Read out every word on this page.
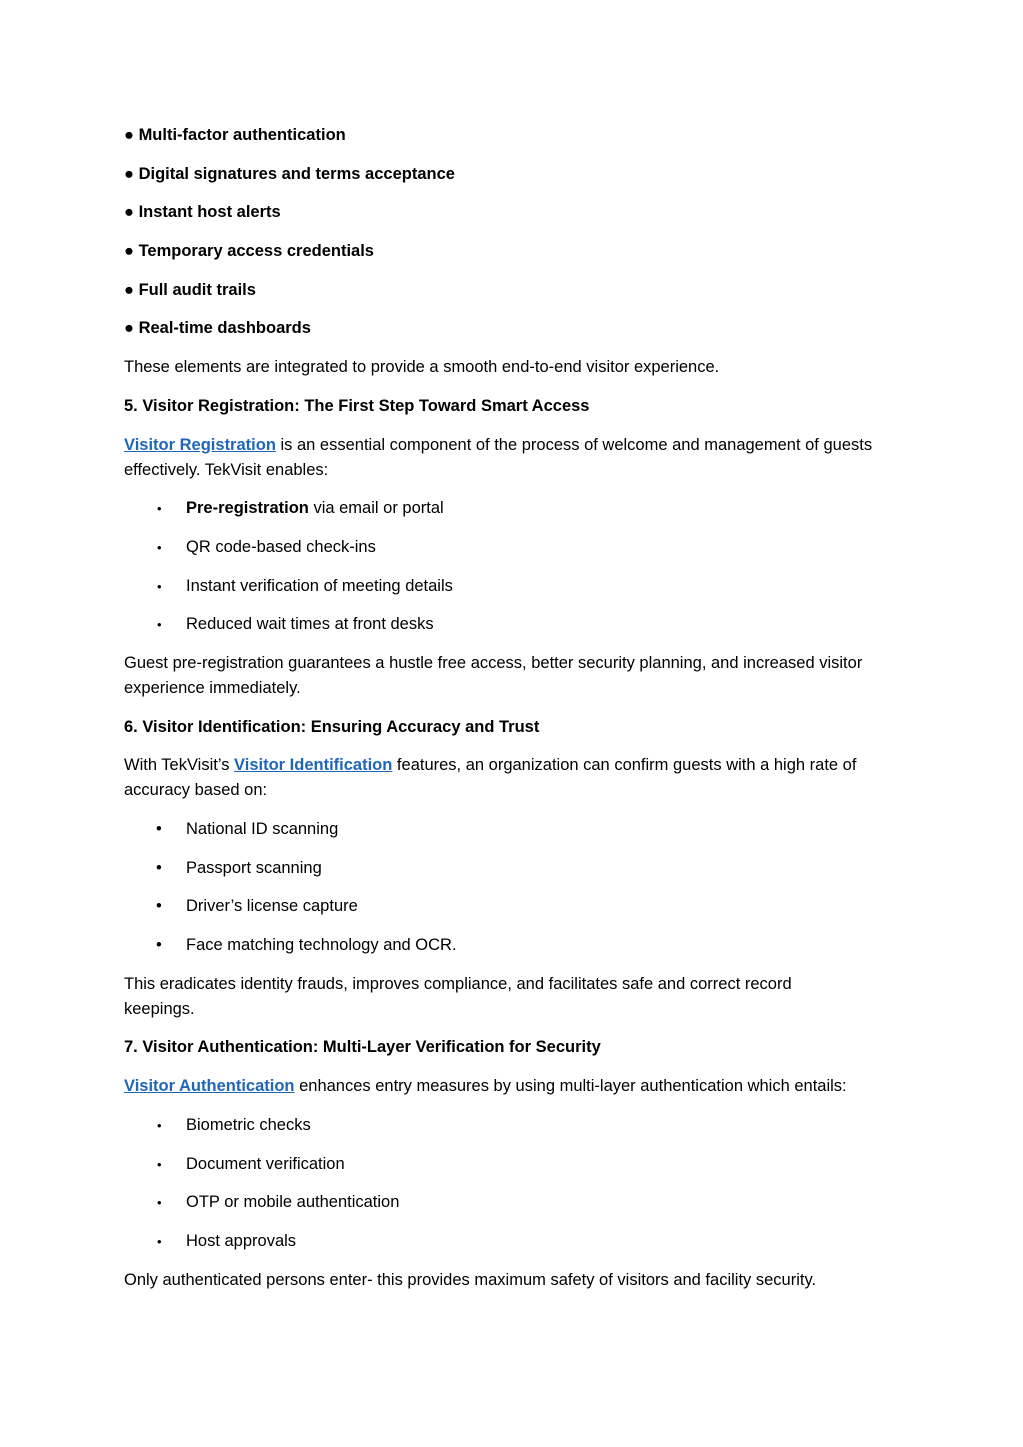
● Multi-factor authentication
● Digital signatures and terms acceptance
● Instant host alerts
● Temporary access credentials
● Full audit trails
● Real-time dashboards
These elements are integrated to provide a smooth end-to-end visitor experience.
5. Visitor Registration: The First Step Toward Smart Access
Visitor Registration is an essential component of the process of welcome and management of guests
effectively. TekVisit enables:
• Pre-registration via email or portal
• QR code-based check-ins
• Instant verification of meeting details
• Reduced wait times at front desks
Guest pre-registration guarantees a hustle free access, better security planning, and increased visitor
experience immediately.
6. Visitor Identification: Ensuring Accuracy and Trust
With TekVisit’s Visitor Identification features, an organization can confirm guests with a high rate of
accuracy based on:
• National ID scanning
• Passport scanning
• Driver’s license capture
• Face matching technology and OCR.
This eradicates identity frauds, improves compliance, and facilitates safe and correct record
keepings.
7. Visitor Authentication: Multi-Layer Verification for Security
Visitor Authentication enhances entry measures by using multi-layer authentication which entails:
• Biometric checks
• Document verification
• OTP or mobile authentication
• Host approvals
Only authenticated persons enter- this provides maximum safety of visitors and facility security.
